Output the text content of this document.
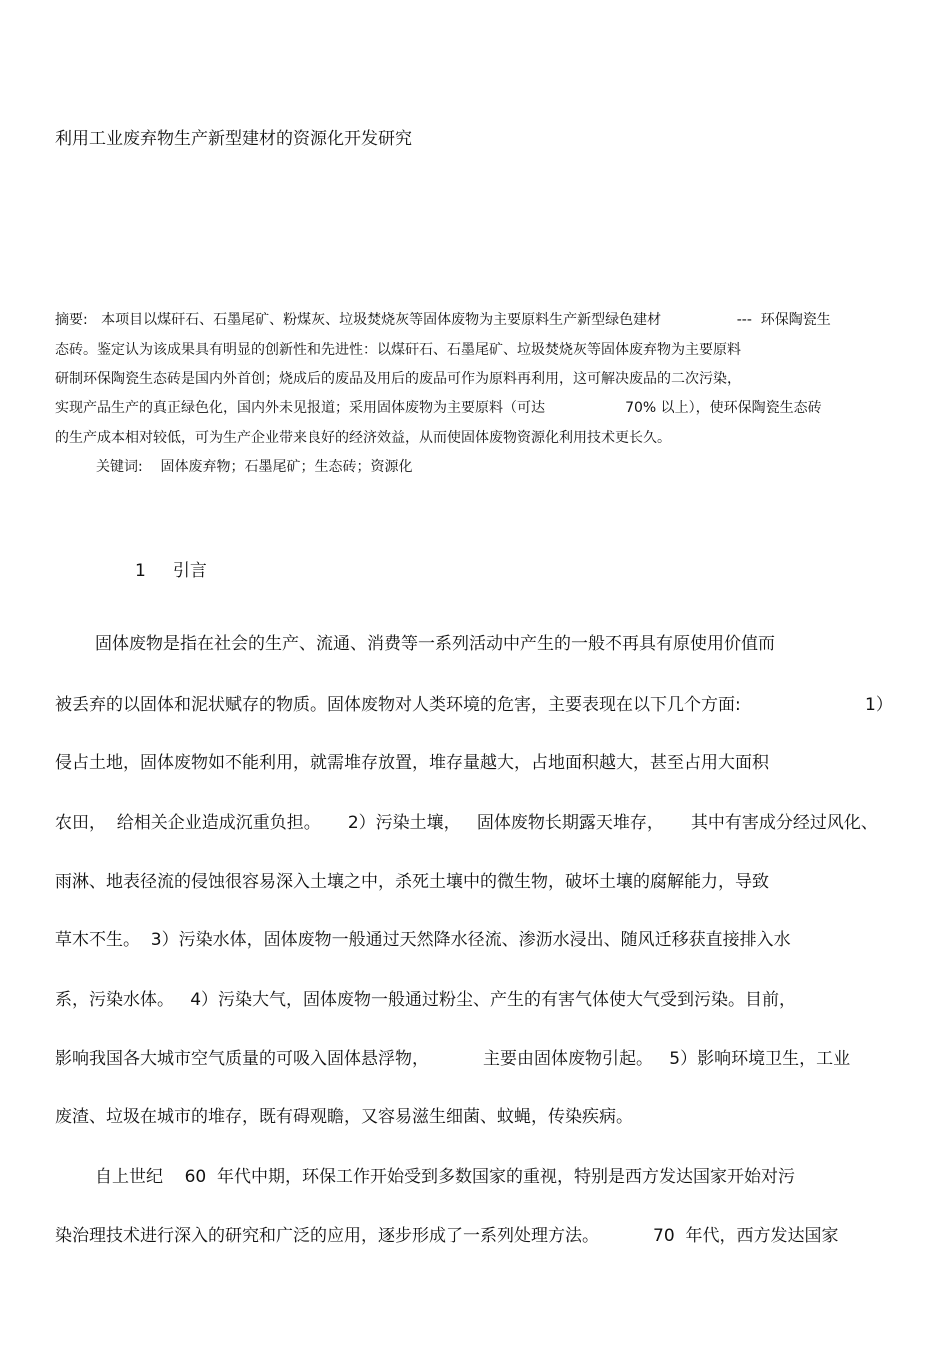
利用工业废弃物生产新型建材的资源化开发研究

摘要:   本项目以煤矸石、石墨尾矿、粉煤灰、垃圾焚烧灰等固体废物为主要原料生产新型绿色建材                 ---  环保陶瓷生

态砖。鉴定认为该成果具有明显的创新性和先进性：以煤矸石、石墨尾矿、垃圾焚烧灰等固体废弃物为主要原料

研制环保陶瓷生态砖是国内外首创；烧成后的废品及用后的废品可作为原料再利用，这可解决废品的二次污染，

实现产品生产的真正绿色化，国内外未见报道；采用固体废物为主要原料（可达                  70% 以上），使环保陶瓷生态砖

的生产成本相对较低，可为生产企业带来良好的经济效益，从而使固体废物资源化利用技术更长久。

关键词:    固体废弃物；石墨尾矿；生态砖；资源化

1     引言

固体废物是指在社会的生产、流通、消费等一系列活动中产生的一般不再具有原使用价值而

被丢弃的以固体和泥状赋存的物质。固体废物对人类环境的危害，主要表现在以下几个方面:                       1）

侵占土地，固体废物如不能利用，就需堆存放置，堆存量越大，占地面积越大，甚至占用大面积

农田，  给相关企业造成沉重负担。     2）污染土壤，   固体废物长期露天堆存，     其中有害成分经过风化、

雨淋、地表径流的侵蚀很容易深入土壤之中，杀死土壤中的微生物，破坏土壤的腐解能力，导致

草木不生。  3）污染水体，固体废物一般通过天然降水径流、渗沥水浸出、随风迁移获直接排入水

系，污染水体。   4）污染大气，固体废物一般通过粉尘、产生的有害气体使大气受到污染。目前，

影响我国各大城市空气质量的可吸入固体悬浮物，          主要由固体废物引起。   5）影响环境卫生，工业

废渣、垃圾在城市的堆存，既有碍观瞻，又容易滋生细菌、蚊蝇，传染疾病。

自上世纪    60  年代中期，环保工作开始受到多数国家的重视，特别是西方发达国家开始对污

染治理技术进行深入的研究和广泛的应用，逐步形成了一系列处理方法。          70  年代，西方发达国家
